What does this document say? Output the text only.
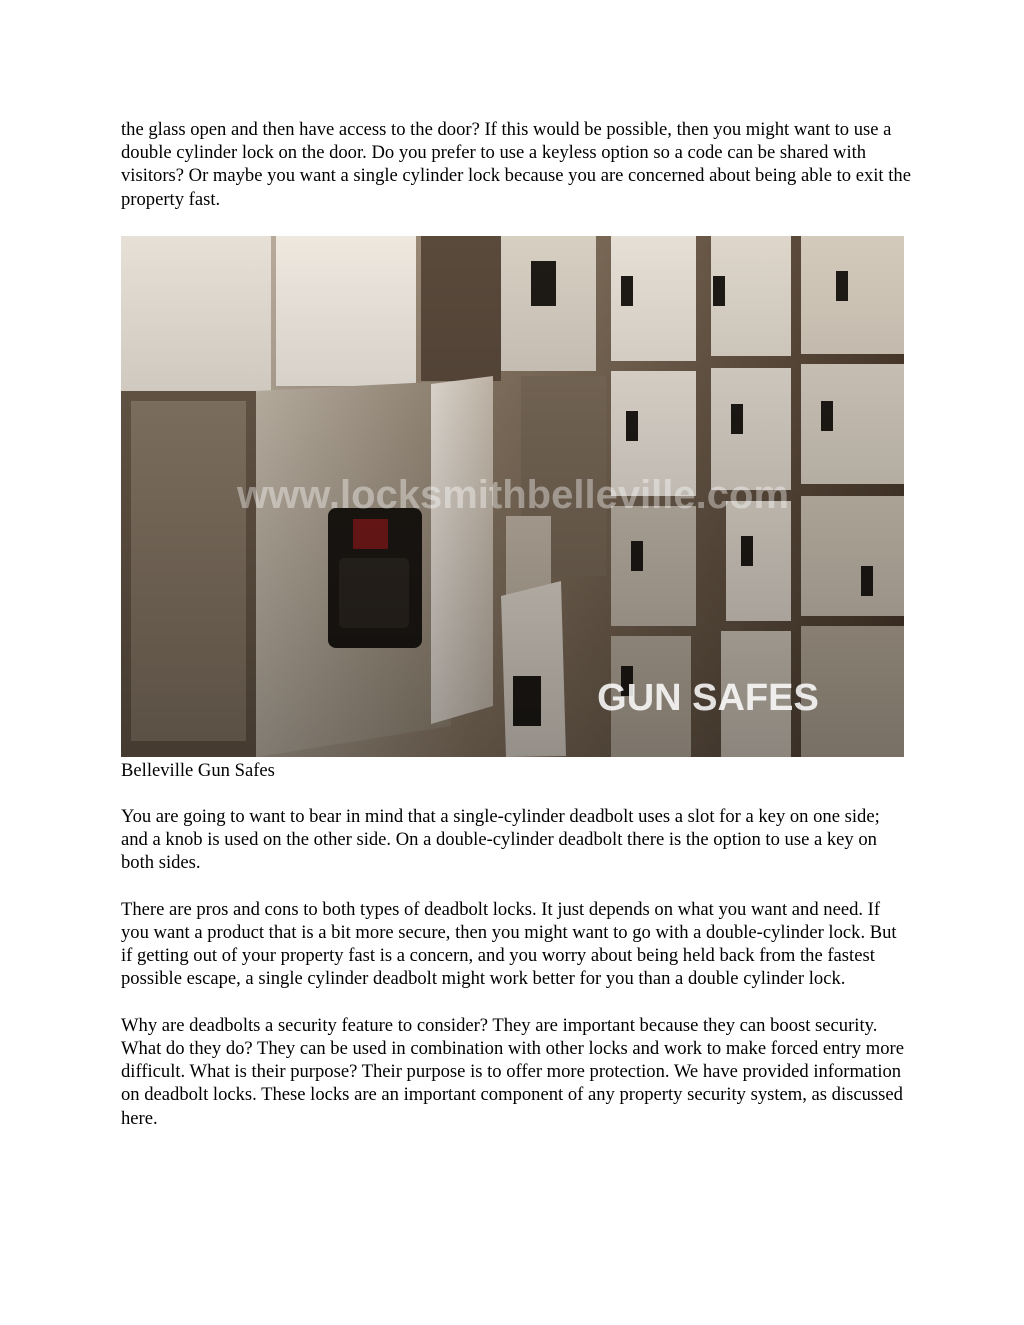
the glass open and then have access to the door? If this would be possible, then you might want to use a double cylinder lock on the door. Do you prefer to use a keyless option so a code can be shared with visitors? Or maybe you want a single cylinder lock because you are concerned about being able to exit the property fast.

www.locksmithbelleville.com
GUN SAFES
Belleville Gun Safes

You are going to want to bear in mind that a single-cylinder deadbolt uses a slot for a key on one side; and a knob is used on the other side. On a double-cylinder deadbolt there is the option to use a key on both sides.

There are pros and cons to both types of deadbolt locks. It just depends on what you want and need. If you want a product that is a bit more secure, then you might want to go with a double-cylinder lock. But if getting out of your property fast is a concern, and you worry about being held back from the fastest possible escape, a single cylinder deadbolt might work better for you than a double cylinder lock.

Why are deadbolts a security feature to consider? They are important because they can boost security. What do they do? They can be used in combination with other locks and work to make forced entry more difficult. What is their purpose? Their purpose is to offer more protection. We have provided information on deadbolt locks. These locks are an important component of any property security system, as discussed here.
